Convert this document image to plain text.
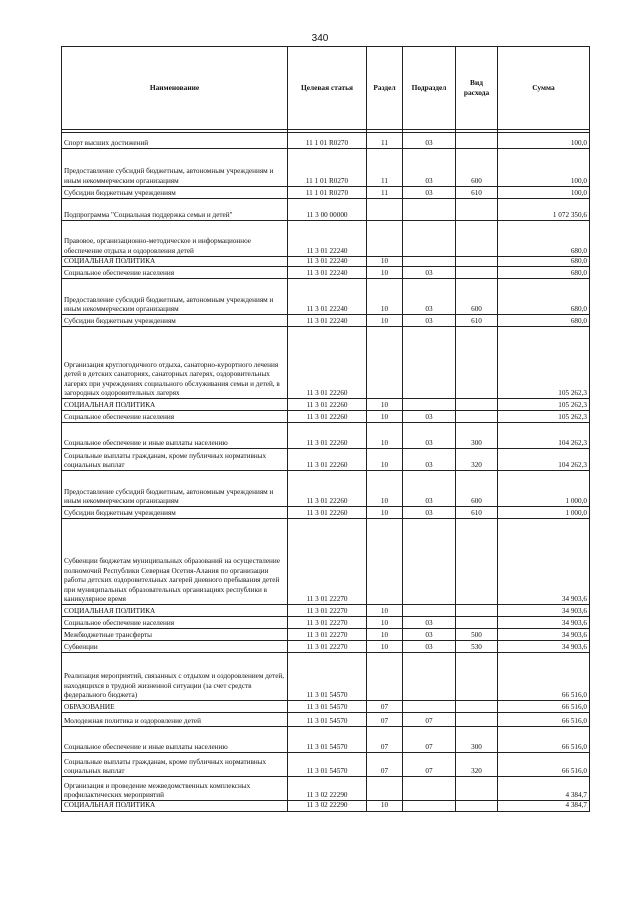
340
Наименование	Целевая статья	Раздел	Подраздел	Вид расхода	Сумма

Спорт высших достижений	11 1 01 R0270	11	03		100,0
Предоставление субсидий бюджетным, автономным учреждениям и иным некоммерческим организациям	11 1 01 R0270	11	03	600	100,0
Субсидии бюджетным учреждениям	11 1 01 R0270	11	03	610	100,0
Подпрограмма "Социальная поддержка семьи и детей"	11 3 00 00000				1 072 350,6
Правовое, организационно-методическое и информационное обеспечение отдыха и оздоровления детей	11 3 01 22240				680,0
СОЦИАЛЬНАЯ ПОЛИТИКА	11 3 01 22240	10			680,0
Социальное обеспечение населения	11 3 01 22240	10	03		680,0
Предоставление субсидий бюджетным, автономным учреждениям и иным некоммерческим организациям	11 3 01 22240	10	03	600	680,0
Субсидии бюджетным учреждениям	11 3 01 22240	10	03	610	680,0
Организация круглогодичного отдыха, санаторно-курортного лечения детей в детских санаториях, санаторных лагерях, оздоровительных лагерях при учреждениях социального обслуживания семьи и детей, в загородных оздоровительных лагерях	11 3 01 22260				105 262,3
СОЦИАЛЬНАЯ ПОЛИТИКА	11 3 01 22260	10			105 262,3
Социальное обеспечение населения	11 3 01 22260	10	03		105 262,3
Социальное обеспечение и иные выплаты населению	11 3 01 22260	10	03	300	104 262,3
Социальные выплаты гражданам, кроме публичных нормативных социальных выплат	11 3 01 22260	10	03	320	104 262,3
Предоставление субсидий бюджетным, автономным учреждениям и иным некоммерческим организациям	11 3 01 22260	10	03	600	1 000,0
Субсидии бюджетным учреждениям	11 3 01 22260	10	03	610	1 000,0
Субвенции бюджетам муниципальных образований на осуществление полномочий Республики Северная Осетия-Алания по организации работы детских оздоровительных лагерей дневного пребывания детей при муниципальных образовательных организациях республики в каникулярное время	11 3 01 22270				34 903,6
СОЦИАЛЬНАЯ ПОЛИТИКА	11 3 01 22270	10			34 903,6
Социальное обеспечение населения	11 3 01 22270	10	03		34 903,6
Межбюджетные трансферты	11 3 01 22270	10	03	500	34 903,6
Субвенции	11 3 01 22270	10	03	530	34 903,6
Реализация мероприятий, связанных с отдыхом и оздоровлением детей, находящихся в трудной жизненной ситуации (за счет средств федерального бюджета)	11 3 01 54570				66 516,0
ОБРАЗОВАНИЕ	11 3 01 54570	07			66 516,0
Молодежная политика и оздоровление детей	11 3 01 54570	07	07		66 516,0
Социальное обеспечение и иные выплаты населению	11 3 01 54570	07	07	300	66 516,0
Социальные выплаты гражданам, кроме публичных нормативных социальных выплат	11 3 01 54570	07	07	320	66 516,0
Организация и проведение межведомственных комплексных профилактических мероприятий	11 3 02 22290				4 384,7
СОЦИАЛЬНАЯ ПОЛИТИКА	11 3 02 22290	10			4 384,7
